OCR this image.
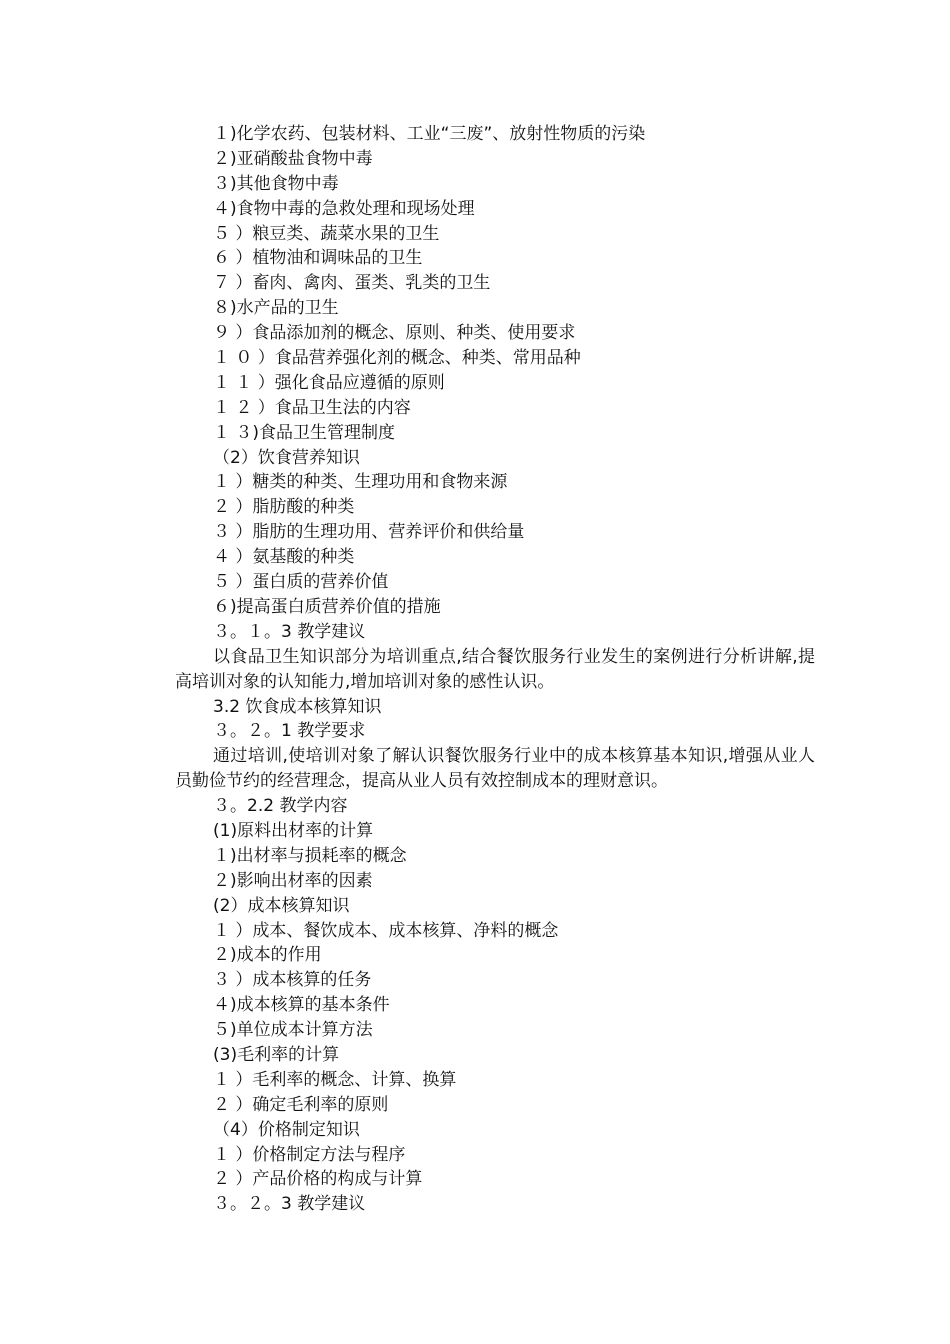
１)化学农药、包装材料、工业“三废”、放射性物质的污染
２)亚硝酸盐食物中毒
３)其他食物中毒
４)食物中毒的急救处理和现场处理
５ ）粮豆类、蔬菜水果的卫生
６ ）植物油和调味品的卫生
７ ）畜肉、禽肉、蛋类、乳类的卫生
８)水产品的卫生
９ ）食品添加剂的概念、原则、种类、使用要求
１ ０ ）食品营养强化剂的概念、种类、常用品种
１ １ ）强化食品应遵循的原则
１ ２ ）食品卫生法的内容
１ ３)食品卫生管理制度
（2）饮食营养知识
１ ）糖类的种类、生理功用和食物来源
２ ）脂肪酸的种类
３ ）脂肪的生理功用、营养评价和供给量
４ ）氨基酸的种类
５ ）蛋白质的营养价值
６)提高蛋白质营养价值的措施
３。１。3 教学建议
以食品卫生知识部分为培训重点,结合餐饮服务行业发生的案例进行分析讲解,提高培训对象的认知能力,增加培训对象的感性认识。
3.2 饮食成本核算知识
３。２。1 教学要求
通过培训,使培训对象了解认识餐饮服务行业中的成本核算基本知识,增强从业人员勤俭节约的经营理念，提高从业人员有效控制成本的理财意识。
３。2.2 教学内容
(1)原料出材率的计算
１)出材率与损耗率的概念
２)影响出材率的因素
(2）成本核算知识
１ ）成本、餐饮成本、成本核算、净料的概念
２)成本的作用
３ ）成本核算的任务
４)成本核算的基本条件
５)单位成本计算方法
(3)毛利率的计算
１ ）毛利率的概念、计算、换算
２ ）确定毛利率的原则
（4）价格制定知识
１ ）价格制定方法与程序
２ ）产品价格的构成与计算
３。２。3 教学建议
